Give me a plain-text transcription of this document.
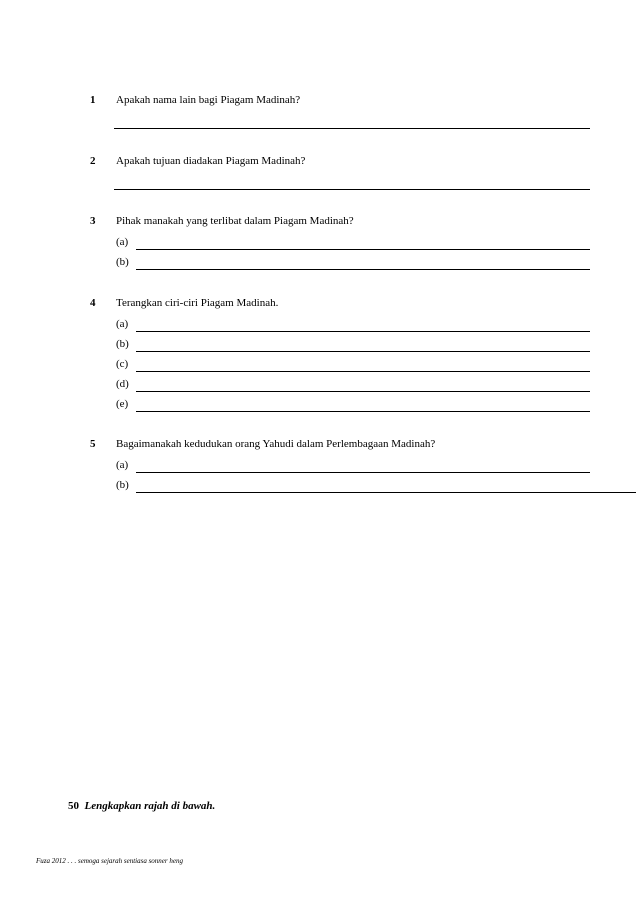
1 Apakah nama lain bagi Piagam Madinah?
2 Apakah tujuan diadakan Piagam Madinah?
3 Pihak manakah yang terlibat dalam Piagam Madinah?
(a)
(b)
4 Terangkan ciri-ciri Piagam Madinah.
(a)
(b)
(c)
(d)
(e)
5 Bagaimanakah kedudukan orang Yahudi dalam Perlembagaan Madinah?
(a)
(b)
50 Lengkapkan rajah di bawah.
Fuza 2012 . . . semoga sejarah sentiasa sonner heng
